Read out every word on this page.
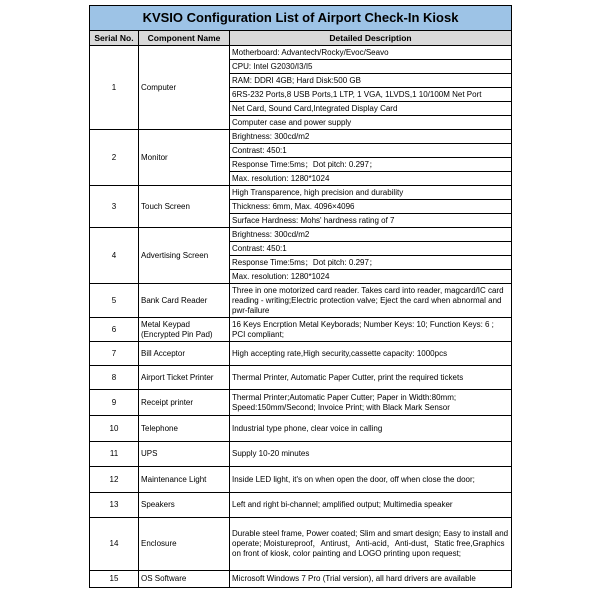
KVSIO Configuration List of Airport Check-In Kiosk		
Serial No.	Component Name	Detailed Description
1	Computer	Motherboard: Advantech/Rocky/Evoc/Seavo
		CPU: Intel G2030/I3/I5
		RAM: DDRI 4GB; Hard Disk:500 GB
		6RS-232 Ports,8 USB Ports,1 LTP, 1 VGA, 1LVDS,1 10/100M Net Port
		Net Card, Sound Card,Integrated Display Card
		Computer case and power supply
2	Monitor	Brightness: 300cd/m2
		Contrast: 450:1
		Response Time:5ms；Dot pitch: 0.297；
		Max. resolution: 1280*1024
3	Touch Screen	High Transparence, high precision and durability
		Thickness: 6mm, Max. 4096×4096
		Surface Hardness: Mohs' hardness rating of 7
4	Advertising Screen	Brightness: 300cd/m2
		Contrast: 450:1
		Response Time:5ms；Dot pitch: 0.297；
		Max. resolution: 1280*1024
5	Bank Card Reader	Three in one motorized card reader. Takes card into reader, magcard/IC card reading - writing;Electric protection valve; Eject the card when abnormal and pwr-failure
6	Metal Keypad (Encrypted Pin Pad)	16 Keys Encrption Metal Keyborads; Number Keys: 10; Function Keys: 6 ; PCI compliant;
7	Bill Acceptor	High accepting rate,High security,cassette capacity: 1000pcs
8	Airport Ticket Printer	Thermal Printer, Automatic Paper Cutter, print the required tickets
9	Receipt printer	Thermal Printer;Automatic Paper Cutter; Paper in Width:80mm; Speed:150mm/Second; Invoice Print; with Black Mark Sensor
10	Telephone	Industrial type phone, clear voice in calling
11	UPS	Supply 10-20 minutes
12	Maintenance Light	Inside LED light, it's on when open the door, off when close the door;
13	Speakers	Left and right bi-channel; amplified output; Multimedia speaker
14	Enclosure	Durable steel frame, Power coated; Slim and smart design; Easy to install and operate; Moistureproof，Antirust，Anti-acid，Anti-dust，Static free,Graphics on front of kiosk, color painting and LOGO printing upon request;
15	OS Software	Microsoft Windows 7 Pro (Trial version), all hard drivers are available
